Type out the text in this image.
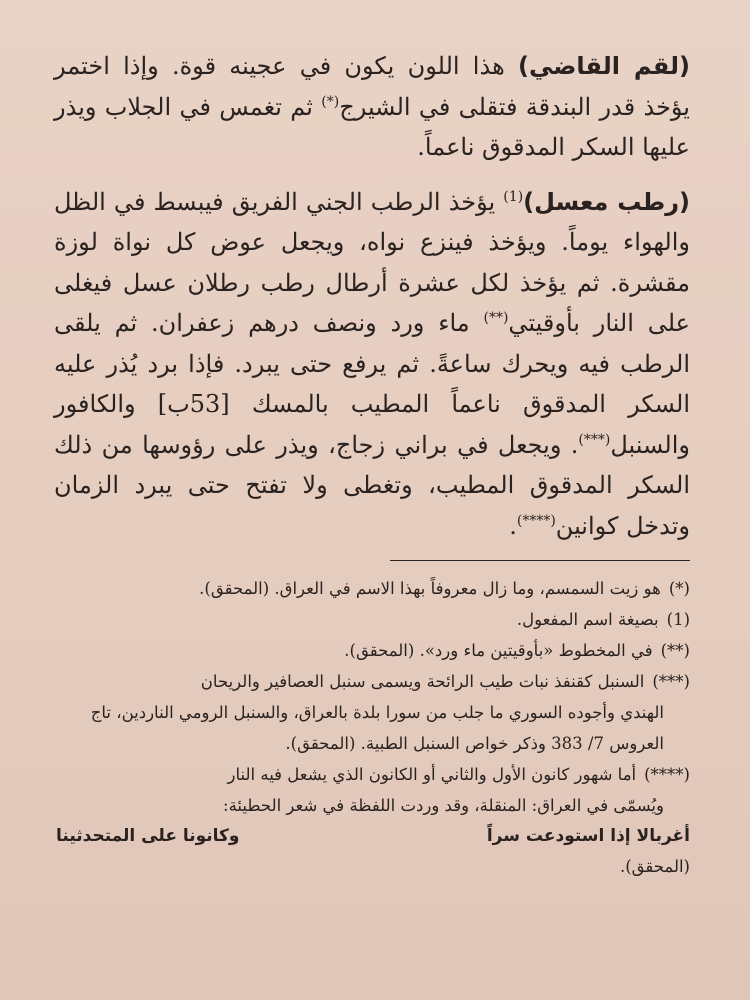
(لقم القاضي) هذا اللون يكون في عجينه قوة. وإذا اختمر يؤخذ قدر البندقة فتقلى في الشيرج(*) ثم تغمس في الجلاب ويذر عليها السكر المدقوق ناعماً.

(رطب معسل)$^{(1)}$ يؤخذ الرطب الجني الفريق فيبسط في الظل والهواء يوماً. ويؤخذ فينزع نواه، ويجعل عوض كل نواة لوزة مقشرة. ثم يؤخذ لكل عشرة أرطال رطب رطلان عسل فيغلى على النار بأوقيتي(**) ماء ورد ونصف درهم زعفران. ثم يلقى الرطب فيه ويحرك ساعةً. ثم يرفع حتى يبرد. فإذا برد يُذر عليه السكر المدقوق ناعماً المطيب بالمسك [53ب] والكافور والسنبل(***). ويجعل في براني زجاج، ويذر على رؤوسها من ذلك السكر المدقوق المطيب، وتغطى ولا تفتح حتى يبرد الزمان وتدخل كوانين(****).

(*)هو زيت السمسم، وما زال معروفاً بهذا الاسم في العراق. (المحقق).
(1)بصيغة اسم المفعول.
(**)في المخطوط «بأوقيتين ماء ورد». (المحقق).
(***)السنبل كقنفذ نبات طيب الرائحة ويسمى سنبل العصافير والريحان
الهندي وأجوده السوري ما جلب من سورا بلدة بالعراق، والسنبل الرومي الناردين، تاج العروس 7/ 383 وذكر خواص السنبل الطبية. (المحقق).
(****)أما شهور كانون الأول والثاني أو الكانون الذي يشعل فيه النار
ويُسمّى في العراق: المنقلة، وقد وردت اللفظة في شعر الحطيئة:
أغربالا إذا استودعت سراً
وكانونا على المتحدثينا
(المحقق).
